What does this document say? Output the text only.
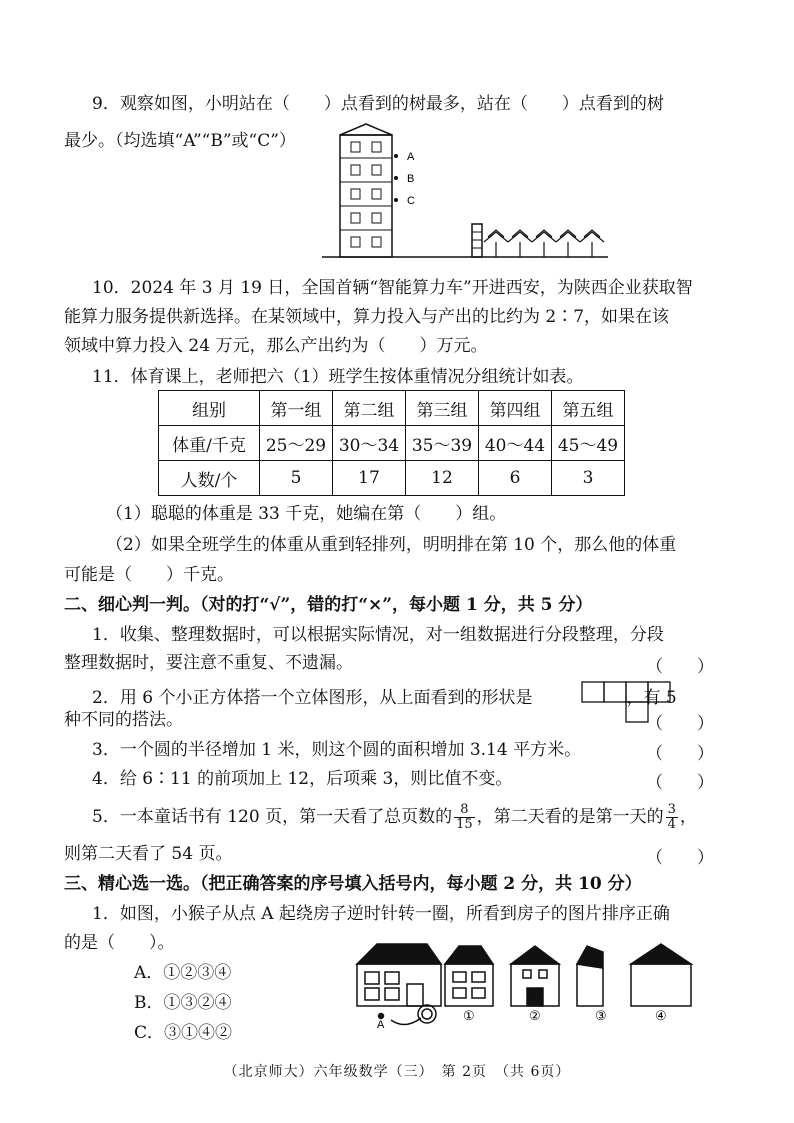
9．观察如图，小明站在（　　）点看到的树最多，站在（　　）点看到的树
最少。（均选填“A”“B”或“C”）
A
B
C
10．2024 年 3 月 19 日，全国首辆“智能算力车”开进西安，为陕西企业获取智
能算力服务提供新选择。在某领域中，算力投入与产出的比约为 2∶7，如果在该
领域中算力投入 24 万元，那么产出约为（　　）万元。
11．体育课上，老师把六（1）班学生按体重情况分组统计如表。
组别	第一组	第二组	第三组	第四组	第五组
体重/千克	25～29	30～34	35～39	40～44	45～49
人数/个	5	17	12	6	3
（1）聪聪的体重是 33 千克，她编在第（　　）组。
（2）如果全班学生的体重从重到轻排列，明明排在第 10 个，那么他的体重
可能是（　　）千克。
二、细心判一判。（对的打“√”，错的打“×”，每小题 1 分，共 5 分）
1．收集、整理数据时，可以根据实际情况，对一组数据进行分段整理，分段
整理数据时，要注意不重复、不遗漏。	（　　）
2．用 6 个小正方体搭一个立体图形，从上面看到的形状是	，有 5
种不同的搭法。	（　　）
3．一个圆的半径增加 1 米，则这个圆的面积增加 3.14 平方米。	（　　）
4．给 6∶11 的前项加上 12，后项乘 3，则比值不变。	（　　）
5．一本童话书有 120 页，第一天看了总页数的 $\frac{8}{15}$ ，第二天看的是第一天的 $\frac{3}{4}$ ，
则第二天看了 54 页。	（　　）
三、精心选一选。（把正确答案的序号填入括号内，每小题 2 分，共 10 分）
1．如图，小猴子从点 A 起绕房子逆时针转一圈，所看到房子的图片排序正确
的是（　　）。
A．①②③④
B．①③②④
C．③①④②	A
①	②	③	④
（北京师大）六年级数学（三）　第 2页　（共 6页）
